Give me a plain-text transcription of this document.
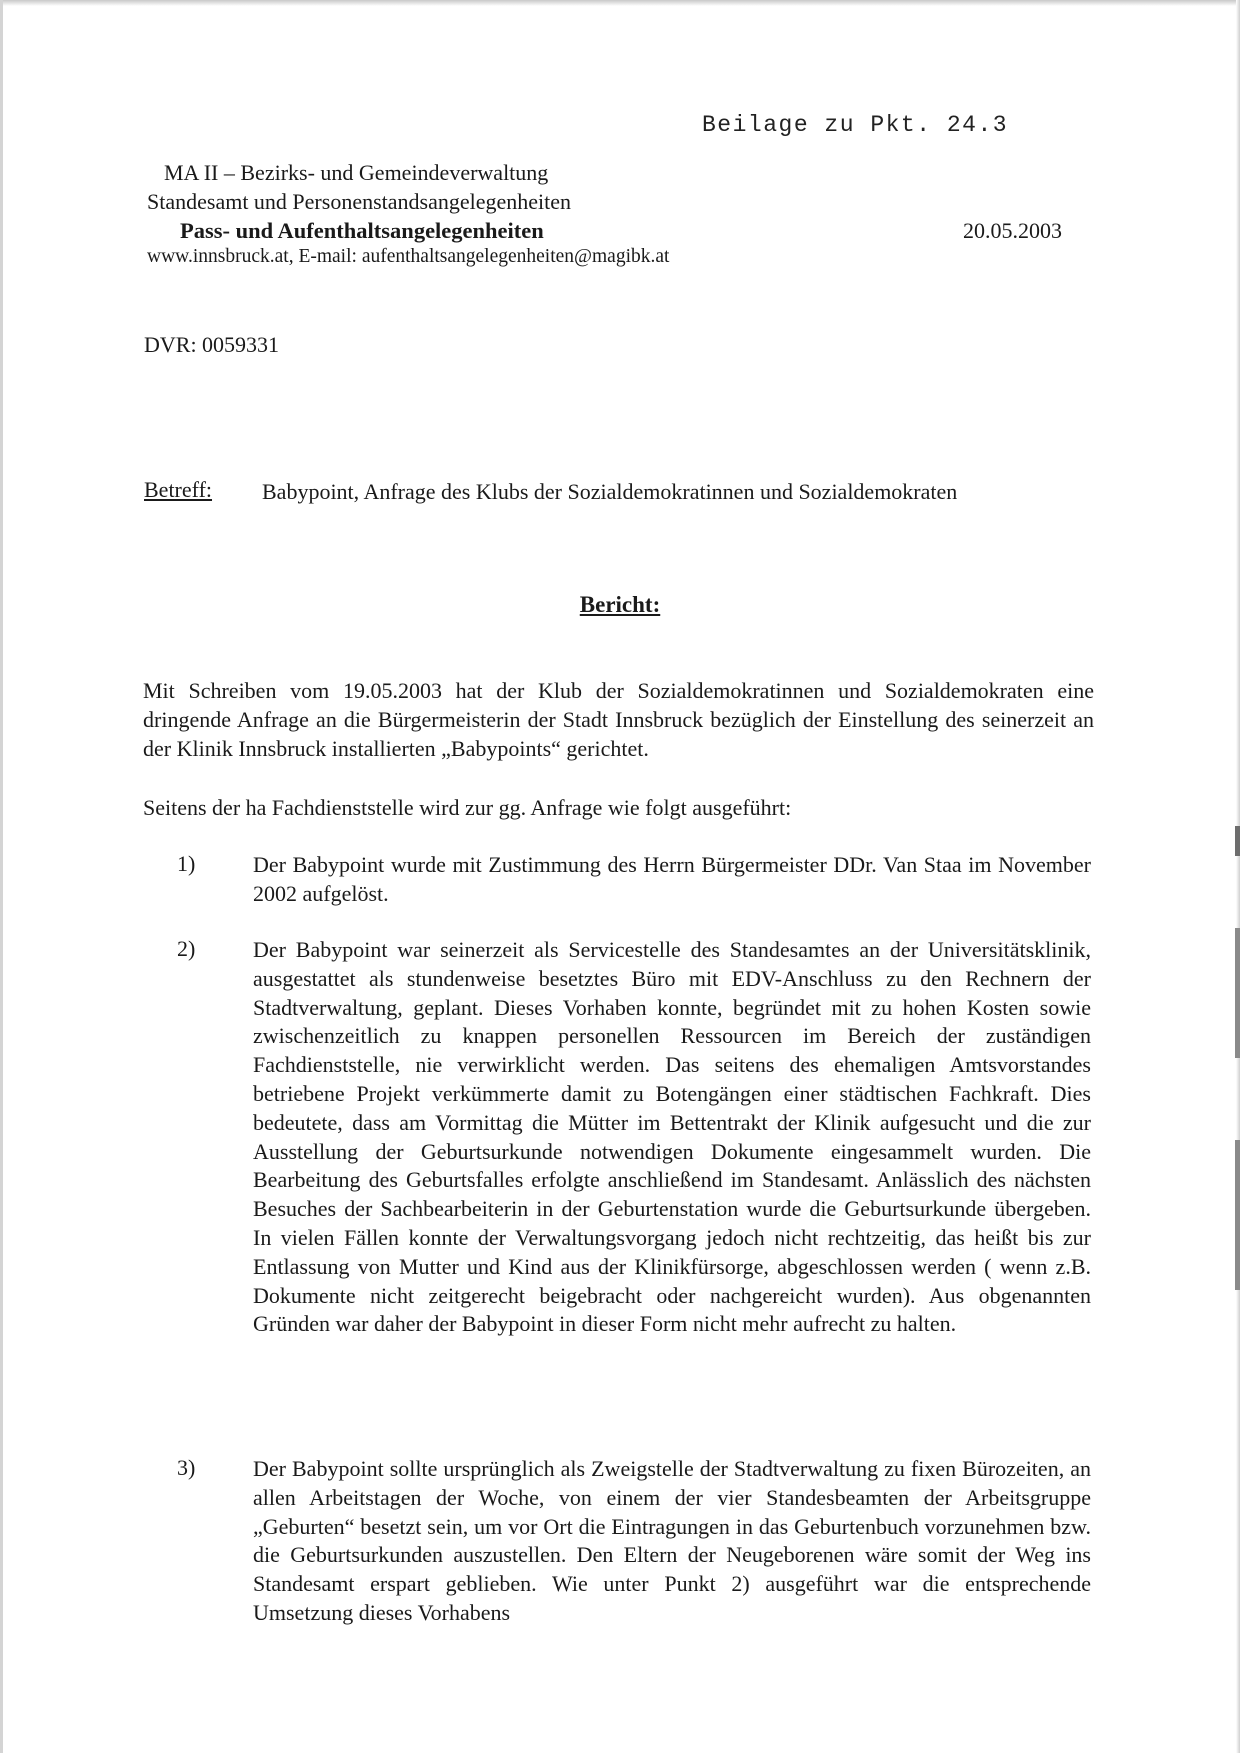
Beilage zu Pkt. 24.3
MA II – Bezirks- und Gemeindeverwaltung
Standesamt und Personenstandsangelegenheiten
Pass- und Aufenthaltsangelegenheiten
www.innsbruck.at, E-mail: aufenthaltsangelegenheiten@magibk.at
20.05.2003
DVR: 0059331
Betreff: Babypoint, Anfrage des Klubs der Sozialdemokratinnen und Sozialdemokraten
Bericht:
Mit Schreiben vom 19.05.2003 hat der Klub der Sozialdemokratinnen und Sozialdemokraten eine dringende Anfrage an die Bürgermeisterin der Stadt Innsbruck bezüglich der Einstellung des seinerzeit an der Klinik Innsbruck installierten „Babypoints“ gerichtet.
Seitens der ha Fachdienststelle wird zur gg. Anfrage wie folgt ausgeführt:
1)	Der Babypoint wurde mit Zustimmung des Herrn Bürgermeister DDr. Van Staa im November 2002 aufgelöst.
2)	Der Babypoint war seinerzeit als Servicestelle des Standesamtes an der Universitätsklinik, ausgestattet als stundenweise besetztes Büro mit EDV-Anschluss zu den Rechnern der Stadtverwaltung, geplant. Dieses Vorhaben konnte, begründet mit zu hohen Kosten sowie zwischenzeitlich zu knappen personellen Ressourcen im Bereich der zuständigen Fachdienststelle, nie verwirklicht werden. Das seitens des ehemaligen Amtsvorstandes betriebene Projekt verkümmerte damit zu Botengängen einer städtischen Fachkraft. Dies bedeutete, dass am Vormittag die Mütter im Bettentrakt der Klinik aufgesucht und die zur Ausstellung der Geburtsurkunde notwendigen Dokumente eingesammelt wurden. Die Bearbeitung des Geburtsfalles erfolgte anschließend im Standesamt. Anlässlich des nächsten Besuches der Sachbearbeiterin in der Geburtenstation wurde die Geburtsurkunde übergeben. In vielen Fällen konnte der Verwaltungsvorgang jedoch nicht rechtzeitig, das heißt bis zur Entlassung von Mutter und Kind aus der Klinikfürsorge, abgeschlossen werden ( wenn z.B. Dokumente nicht zeitgerecht beigebracht oder nachgereicht wurden). Aus obgenannten Gründen war daher der Babypoint in dieser Form nicht mehr aufrecht zu halten.
3)	Der Babypoint sollte ursprünglich als Zweigstelle der Stadtverwaltung zu fixen Bürozeiten, an allen Arbeitstagen der Woche, von einem der vier Standesbeamten der Arbeitsgruppe „Geburten“ besetzt sein, um vor Ort die Eintragungen in das Geburtenbuch vorzunehmen bzw. die Geburtsurkunden auszustellen. Den Eltern der Neugeborenen wäre somit der Weg ins Standesamt erspart geblieben. Wie unter Punkt 2) ausgeführt war die entsprechende Umsetzung dieses Vorhabens
